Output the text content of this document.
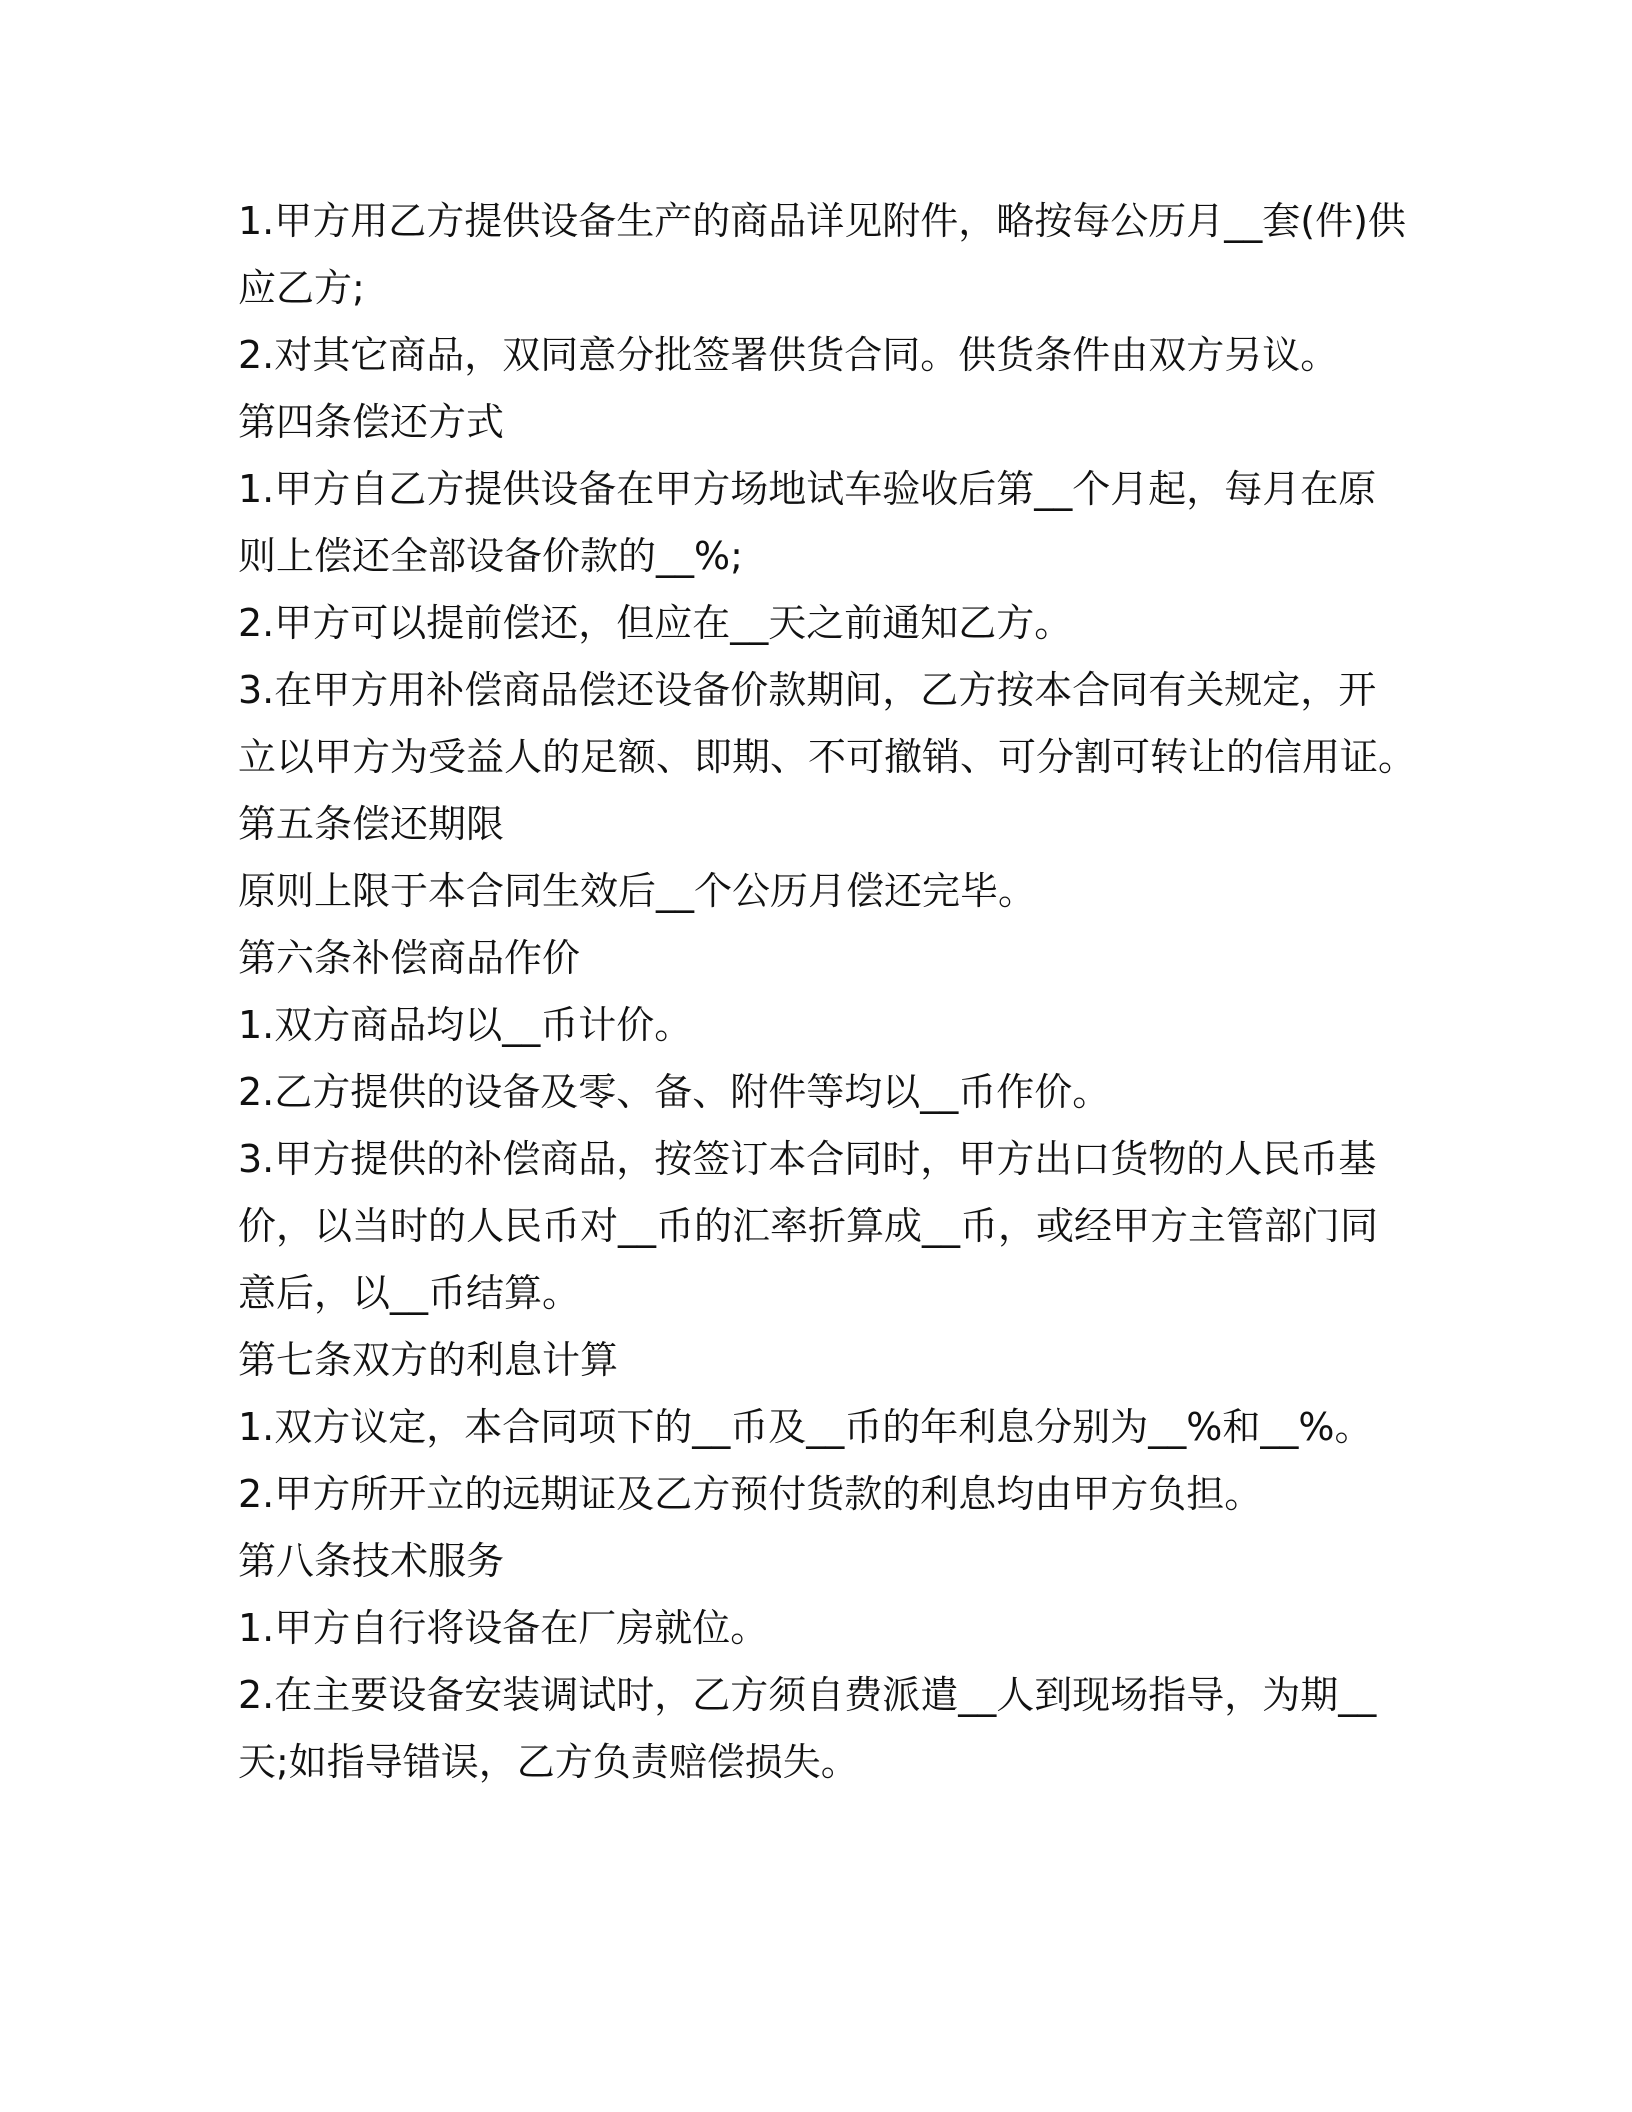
1.甲方用乙方提供设备生产的商品详见附件，略按每公历月__套(件)供

应乙方;

2.对其它商品，双同意分批签署供货合同。供货条件由双方另议。

第四条偿还方式

1.甲方自乙方提供设备在甲方场地试车验收后第__个月起，每月在原

则上偿还全部设备价款的__%;

2.甲方可以提前偿还，但应在__天之前通知乙方。

3.在甲方用补偿商品偿还设备价款期间，乙方按本合同有关规定，开

立以甲方为受益人的足额、即期、不可撤销、可分割可转让的信用证。

第五条偿还期限

原则上限于本合同生效后__个公历月偿还完毕。

第六条补偿商品作价

1.双方商品均以__币计价。

2.乙方提供的设备及零、备、附件等均以__币作价。

3.甲方提供的补偿商品，按签订本合同时，甲方出口货物的人民币基

价，以当时的人民币对__币的汇率折算成__币，或经甲方主管部门同

意后，以__币结算。

第七条双方的利息计算

1.双方议定，本合同项下的__币及__币的年利息分别为__%和__%。

2.甲方所开立的远期证及乙方预付货款的利息均由甲方负担。

第八条技术服务

1.甲方自行将设备在厂房就位。

2.在主要设备安装调试时，乙方须自费派遣__人到现场指导，为期__

天;如指导错误，乙方负责赔偿损失。
